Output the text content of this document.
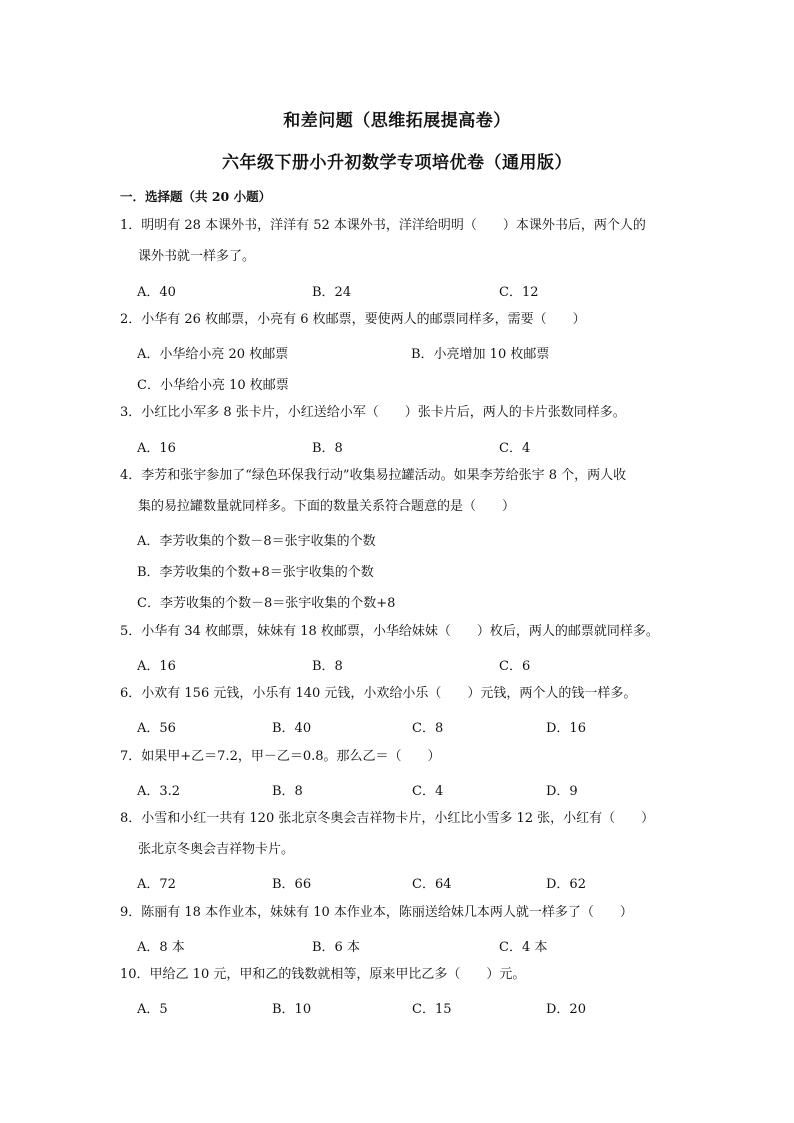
和差问题（思维拓展提高卷）
六年级下册小升初数学专项培优卷（通用版）
一．选择题（共 20 小题）
1．明明有 28 本课外书，洋洋有 52 本课外书，洋洋给明明（　　）本课外书后，两个人的
课外书就一样多了。
A．40	B．24	C．12
2．小华有 26 枚邮票，小亮有 6 枚邮票，要使两人的邮票同样多，需要（　　）
A．小华给小亮 20 枚邮票	B．小亮增加 10 枚邮票
C．小华给小亮 10 枚邮票
3．小红比小军多 8 张卡片，小红送给小军（　　）张卡片后，两人的卡片张数同样多。
A．16	B．8	C．4
4．李芳和张宇参加了“绿色环保我行动”收集易拉罐活动。如果李芳给张宇 8 个，两人收
集的易拉罐数量就同样多。下面的数量关系符合题意的是（　　）
A．李芳收集的个数－8＝张宇收集的个数
B．李芳收集的个数+8＝张宇收集的个数
C．李芳收集的个数－8＝张宇收集的个数+8
5．小华有 34 枚邮票，妹妹有 18 枚邮票，小华给妹妹（　　）枚后，两人的邮票就同样多。
A．16	B．8	C．6
6．小欢有 156 元钱，小乐有 140 元钱，小欢给小乐（　　）元钱，两个人的钱一样多。
A．56	B．40	C．8	D．16
7．如果甲+乙＝7.2，甲－乙＝0.8。那么乙＝（　　）
A．3.2	B．8	C．4	D．9
8．小雪和小红一共有 120 张北京冬奥会吉祥物卡片，小红比小雪多 12 张，小红有（　　）
张北京冬奥会吉祥物卡片。
A．72	B．66	C．64	D．62
9．陈丽有 18 本作业本，妹妹有 10 本作业本，陈丽送给妹几本两人就一样多了（　　）
A．8 本	B．6 本	C．4 本
10．甲给乙 10 元，甲和乙的钱数就相等，原来甲比乙多（　　）元。
A．5	B．10	C．15	D．20
